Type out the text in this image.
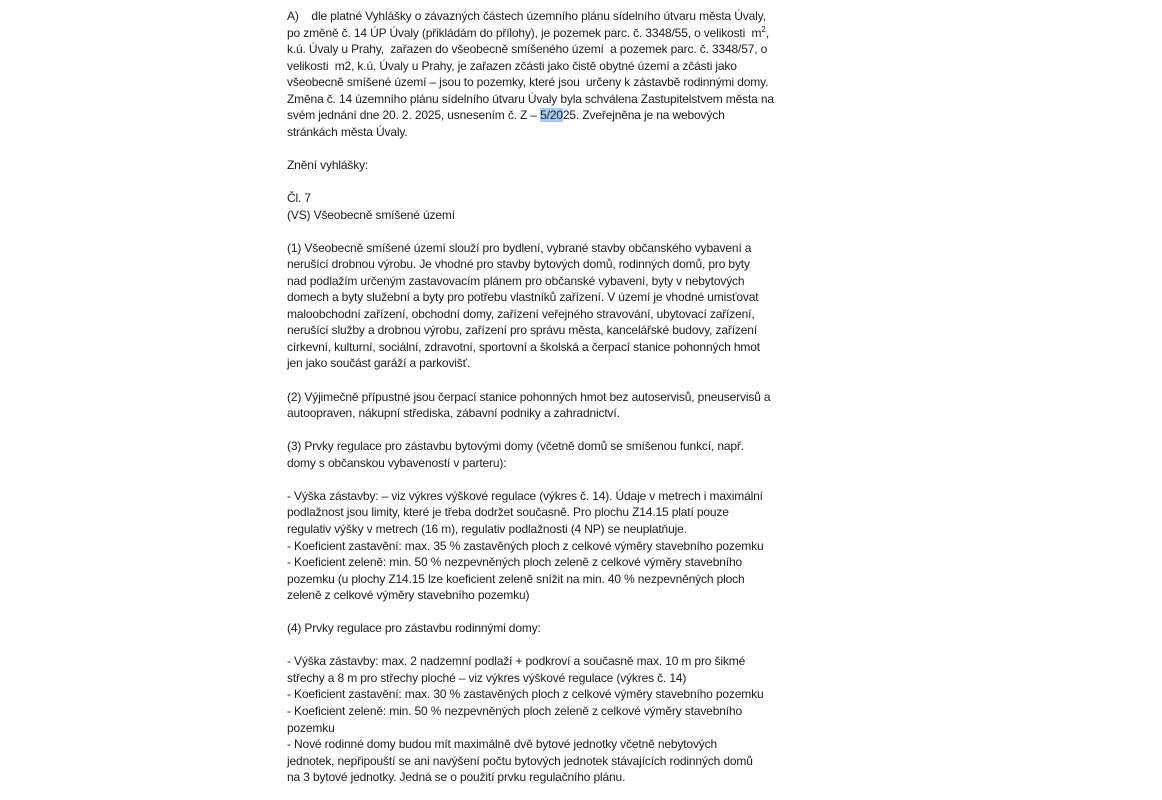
A)    dle platné Vyhlášky o závazných částech územního plánu sídelního útvaru města Úvaly,
po změně č. 14 ÚP Úvaly (přikládám do přílohy), je pozemek parc. č. 3348/55, o velikosti  $m^2$,
k.ú. Úvaly u Prahy,  zařazen do všeobecně smíšeného území  a pozemek parc. č. 3348/57, o
velikosti  m2, k.ú. Úvaly u Prahy, je zařazen zčásti jako čistě obytné území a zčásti jako
všeobecně smíšené území – jsou to pozemky, které jsou  určeny k zástavbě rodinnými domy.
Změna č. 14 územního plánu sídelního útvaru Úvaly byla schválena Zastupitelstvem města na
svém jednání dne 20. 2. 2025, usnesením č. Z – 5/2025. Zveřejněna je na webových
stránkách města Úvaly.
Znění vyhlášky:
Čl. 7
(VS) Všeobecně smíšené území
(1) Všeobecně smíšené území slouží pro bydlení, vybrané stavby občanského vybavení a
nerušící drobnou výrobu. Je vhodné pro stavby bytových domů, rodinných domů, pro byty
nad podlažím určeným zastavovacím plánem pro občanské vybavení, byty v nebytových
domech a byty služební a byty pro potřebu vlastníků zařízení. V území je vhodné umisťovat
maloobchodní zařízení, obchodní domy, zařízení veřejného stravování, ubytovací zařízení,
nerušící služby a drobnou výrobu, zařízení pro správu města, kancelářské budovy, zařízení
církevní, kulturní, sociální, zdravotní, sportovní a školská a čerpací stanice pohonných hmot
jen jako součást garáží a parkovišť.
(2) Výjimečně přípustné jsou čerpací stanice pohonných hmot bez autoservisů, pneuservisů a
autoopraven, nákupní střediska, zábavní podniky a zahradnictví.
(3) Prvky regulace pro zástavbu bytovými domy (včetně domů se smíšenou funkcí, např.
domy s občanskou vybaveností v parteru):
- Výška zástavby: – viz výkres výškové regulace (výkres č. 14). Údaje v metrech i maximální
podlažnost jsou limity, které je třeba dodržet současně. Pro plochu Z14.15 platí pouze
regulativ výšky v metrech (16 m), regulativ podlažnosti (4 NP) se neuplatňuje.
- Koeficient zastavění: max. 35 % zastavěných ploch z celkové výměry stavebního pozemku
- Koeficient zeleně: min. 50 % nezpevněných ploch zeleně z celkové výměry stavebního
pozemku (u plochy Z14.15 lze koeficient zeleně snížit na min. 40 % nezpevněných ploch
zeleně z celkové výměry stavebního pozemku)
(4) Prvky regulace pro zástavbu rodinnými domy:
- Výška zástavby: max. 2 nadzemní podlaží + podkroví a současně max. 10 m pro šikmé
střechy a 8 m pro střechy ploché – viz výkres výškové regulace (výkres č. 14)
- Koeficient zastavění: max. 30 % zastavěných ploch z celkové výměry stavebního pozemku
- Koeficient zeleně: min. 50 % nezpevněných ploch zeleně z celkové výměry stavebního
pozemku
- Nové rodinné domy budou mít maximálně dvě bytové jednotky včetně nebytových
jednotek, nepřipouští se ani navýšení počtu bytových jednotek stávajících rodinných domů
na 3 bytové jednotky. Jedná se o použití prvku regulačního plánu.
